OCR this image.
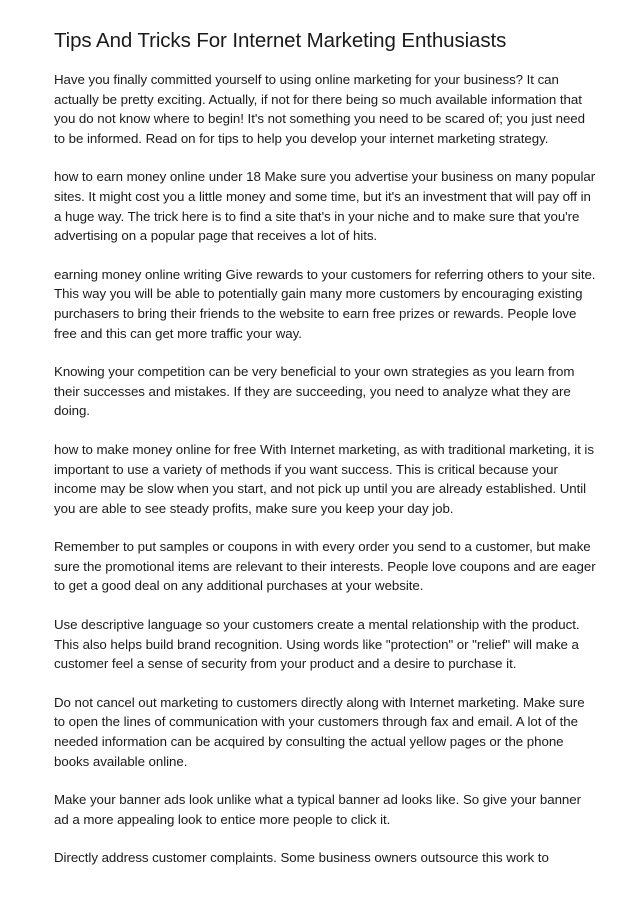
Tips And Tricks For Internet Marketing Enthusiasts

Have you finally committed yourself to using online marketing for your business? It can
actually be pretty exciting. Actually, if not for there being so much available information that
you do not know where to begin! It's not something you need to be scared of; you just need
to be informed. Read on for tips to help you develop your internet marketing strategy.

how to earn money online under 18 Make sure you advertise your business on many popular
sites. It might cost you a little money and some time, but it's an investment that will pay off in
a huge way. The trick here is to find a site that's in your niche and to make sure that you're
advertising on a popular page that receives a lot of hits.

earning money online writing Give rewards to your customers for referring others to your site.
This way you will be able to potentially gain many more customers by encouraging existing
purchasers to bring their friends to the website to earn free prizes or rewards. People love
free and this can get more traffic your way.

Knowing your competition can be very beneficial to your own strategies as you learn from
their successes and mistakes. If they are succeeding, you need to analyze what they are
doing.

how to make money online for free With Internet marketing, as with traditional marketing, it is
important to use a variety of methods if you want success. This is critical because your
income may be slow when you start, and not pick up until you are already established. Until
you are able to see steady profits, make sure you keep your day job.

Remember to put samples or coupons in with every order you send to a customer, but make
sure the promotional items are relevant to their interests. People love coupons and are eager
to get a good deal on any additional purchases at your website.

Use descriptive language so your customers create a mental relationship with the product.
This also helps build brand recognition. Using words like "protection" or "relief" will make a
customer feel a sense of security from your product and a desire to purchase it.

Do not cancel out marketing to customers directly along with Internet marketing. Make sure
to open the lines of communication with your customers through fax and email. A lot of the
needed information can be acquired by consulting the actual yellow pages or the phone
books available online.

Make your banner ads look unlike what a typical banner ad looks like. So give your banner
ad a more appealing look to entice more people to click it.

Directly address customer complaints. Some business owners outsource this work to
